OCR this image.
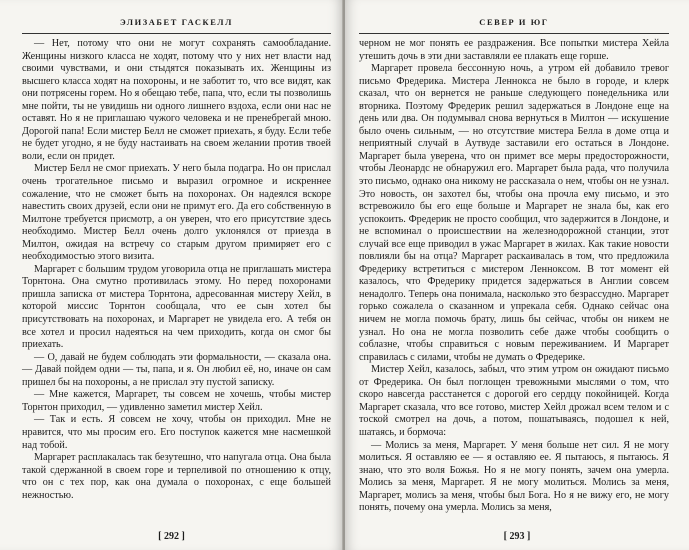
ЭЛИЗАБЕТ ГАСКЕЛЛ

— Нет, потому что они не могут сохранять самообладание. Женщины низкого класса не ходят, потому что у них нет власти над своими чувствами, и они стыдятся показывать их. Женщины из высшего класса ходят на похороны, и не заботит то, что все видят, как они потрясены горем. Но я обещаю тебе, папа, что, если ты позволишь мне пойти, ты не увидишь ни одного лишнего вздоха, если они нас не оставят. Но я не приглашаю чужого человека и не пренебрегай мною. Дорогой папа! Если мистер Белл не сможет приехать, я буду. Если тебе не будет угодно, я не буду настаивать на своем желании против твоей воли, если он придет.

Мистер Белл не смог приехать. У него была подагра. Но он прислал очень трогательное письмо и выразил огромное и искреннее сожаление, что не сможет быть на похоронах. Он надеялся вскоре навестить своих друзей, если они не примут его. Да его собственную в Милтоне требуется присмотр, а он уверен, что его присутствие здесь необходимо. Мистер Белл очень долго уклонялся от приезда в Милтон, ожидая на встречу со старым другом примиряет его с необходимостью этого визита.

Маргарет с большим трудом уговорила отца не приглашать мистера Торнтона. Она смутно противилась этому. Но перед похоронами пришла записка от мистера Торнтона, адресованная мистеру Хейл, в которой миссис Торнтон сообщала, что ее сын хотел бы присутствовать на похоронах, и Маргарет не увидела его. А тебя он все хотел и просил надеяться на чем приходить, когда он смог бы приехать.

— О, давай не будем соблюдать эти формальности, — сказала она. — Давай пойдем одни — ты, папа, и я. Он любил её, но, иначе он сам пришел бы на похороны, а не прислал эту пустой записку.

— Мне кажется, Маргарет, ты совсем не хочешь, чтобы мистер Торнтон приходил, — удивленно заметил мистер Хейл.

— Так и есть. Я совсем не хочу, чтобы он приходил. Мне не нравится, что мы просим его. Его поступок кажется мне насмешкой над тобой.

Маргарет расплакалась так безутешно, что напугала отца. Она была такой сдержанной в своем горе и терпеливой по отношению к отцу, что он с тех пор, как она думала о похоронах, с еще большей нежностью.

[ 292 ]
СЕВЕР И ЮГ

черном не мог понять ее раздражения. Все попытки мистера Хейла утешить дочь в эти дни заставляли ее плакать еще горше.

Маргарет провела бессонную ночь, а утром ей добавило тревог письмо Фредерика. Мистера Леннокса не было в городе, и клерк сказал, что он вернется не раньше следующего понедельника или вторника. Поэтому Фредерик решил задержаться в Лондоне еще на день или два. Он подумывал снова вернуться в Милтон — искушение было очень сильным, — но отсутствие мистера Белла в доме отца и неприятный случай в Аутвуде заставили его остаться в Лондоне. Маргарет была уверена, что он примет все меры предосторожности, чтобы Леонардс не обнаружил его. Маргарет была рада, что получила это письмо, однако она никому не рассказала о нем, чтобы он не узнал. Это новость, он захотел бы, чтобы она прочла ему письмо, и это встревожило бы его еще больше и Маргарет не знала бы, как его успокоить. Фредерик не просто сообщил, что задержится в Лондоне, и не вспоминал о происшествии на железнодорожной станции, этот случай все еще приводил в ужас Маргарет в жилах. Как такие новости повлияли бы на отца? Маргарет раскаивалась в том, что предложила Фредерику встретиться с мистером Ленноксом. В тот момент ей казалось, что Фредерику придется задержаться в Англии совсем ненадолго. Теперь она понимала, насколько это безрассудно. Маргарет горько сожалела о сказанном и упрекала себя. Однако сейчас она ничем не могла помочь брату, лишь бы сейчас, чтобы он никем не узнал. Но она не могла позволить себе даже чтобы сообщить о соблазне, чтобы справиться с новым переживанием. И Маргарет справилась с силами, чтобы не думать о Фредерике.

Мистер Хейл, казалось, забыл, что этим утром он ожидают письмо от Фредерика. Он был поглощен тревожными мыслями о том, что скоро навсегда расстанется с дорогой его сердцу покойницей. Когда Маргарет сказала, что все готово, мистер Хейл дрожал всем телом и с тоской смотрел на дочь, а потом, пошатываясь, подошел к ней, шатаясь, и бормоча:

— Молись за меня, Маргарет. У меня больше нет сил. Я не могу молиться. Я оставляю ее — я оставляю ее. Я пытаюсь, я пытаюсь. Я знаю, что это воля Божья. Но я не могу понять, зачем она умерла. Молись за меня, Маргарет. Я не могу молиться. Молись за меня, Маргарет, молись за меня, чтобы был Бога. Но я не вижу его, не могу понять, почему она умерла. Молись за меня,

[ 293 ]
